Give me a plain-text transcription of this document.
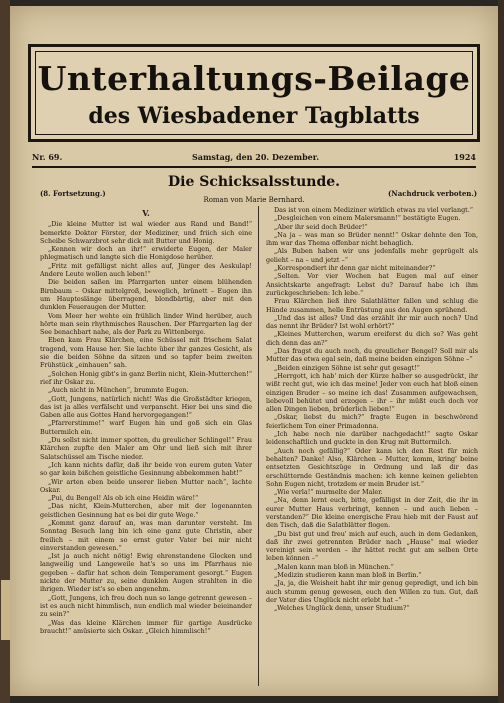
Unterhaltungs-Beilage
des Wiesbadener Tagblatts
Nr. 69.	Samstag, den 20. Dezember.	1924
Die Schicksalsstunde.
(8. Fortsetzung.)	(Nachdruck verboten.)
Roman von Marie Bernhard.
V.

„Die kleine Mutter ist wal wieder aus Rand und Band!“ bemerkte Doktor Förster, der Mediziner, und friich sich eine Scheibe Schwarzbrot sehr dick mit Butter und Honig.

„Kennen wir doch an ihr!“ erwiderte Eugen, der Maler phlegmatisch und langte sich die Honigdose herüber.

„Fritz mit gefälligst nicht alles auf, Jünger des Aeskulap! Andere Leute wollen auch leben!“

Die beiden saßen im Pfarrgarten unter einem blühenden Birnbaum – Oskar mittelgroß, beweglich, brünett – Eugen ihn um Haupteslänge überragend, blondbärtig, aber mit den dunklen Feueraugen der Mutter.

Vom Meer her wehte ein frühlich linder Wind herüber, auch hörte man sein rhythmisches Rauschen. Der Pfarrgarten lag der See benachbart nahe, als der Park zu Wittenberge.

Eben kam Frau Klärchen, eine Schüssel mit frischem Salat tragend, vom Hause her. Sie lachte über ihr ganzes Gesicht, als sie die beiden Söhne da sitzen und so tapfer beim zweiten Frühstück „einhauen“ sah.

„Solchen Honig gibt's in ganz Berlin nicht, Klein-Mutterchen!“ rief ihr Oskar zu.

„Auch nicht in München“, brummte Eugen.

„Gott, Jungens, natürlich nicht! Was die Großstädter kriegen, das ist ja alles verfälscht und verpanscht. Hier bei uns sind die Gaben alle aus Gottes Hand hervorgegangen!“

„Pfarrerstimme!“ warf Eugen hin und goß sich ein Glas Buttermilch ein.

„Du sollst nicht immer spotten, du greulicher Schlingel!“ Frau Klärchen zupfte den Maler am Ohr und ließ sich mit ihrer Salatschüssel am Tische nieder.

„Ich kann nichts dafür, daß ihr beide von eurem guten Vater so gar kein bißchen geistliche Gesinnung abbekommen habt!“

„Wir arten eben beide unserer lieben Mutter nach“, lachte Oskar.

„Pui, du Bengel! Als ob ich eine Heidin wäre!“

„Das nicht, Klein-Mutterchen, aber mit der logenannten geistlichen Gesinnung hat es bei dir gute Wege.“

„Kommt ganz darauf an, was man darunter versteht. Im Sonntag Besuch lang bin ich eine ganz gute Christin, aber freilich – mit einem so ernst guter Vater bei mir nicht einverstanden gewesen.“

„Ist ja auch nicht nötig! Ewig ehrenstandene Glocken und langweilig und Langeweile hat's so uns im Pfarrhaus nie gegeben – dafür hat schon dein Temperament gesorgt.“ Eugen nickte der Mutter zu, seine dunklen Augen strahlten in die ihrigen. Wieder ist's so eben angenehm.

„Gott, Jungens, ich freu doch nun so lange getrennt gewesen – ist es auch nicht himmlisch, nun endlich mal wieder beieinander zu sein?“

„Was das kleine Klärchen immer für gartige Ausdrücke braucht!“ amüsierte sich Oskar. „Gleich himmlisch!“

Das ist von einem Mediziner wirklich etwas zu viel verlangt.“

„Desgleichen von einem Malersmann!“ bestätigte Eugen.

„Aber ihr seid doch Brüder!“

„Na ja – was man so Brüder nennt!“ Oskar dehnte den Ton, ihm war das Thema offenbar nicht behaglich.

„Als Buben haben wir uns jedenfalls mehr geprügelt als gelieht – na – und jetzt –“

„Korrespondiert ihr denn gar nicht miteinander?“

„Selten. Vor vier Wochen hat Eugen mal auf einer Ansichtskarte angefragt: Lebst du? Darauf habe ich ihm zurückgeschrieben: Ich lebe.“

Frau Klärchen ließ ihre Salatblätter fallen und schlug die Hände zusammen, helle Entrüstung aus den Augen sprühend.

„Und das ist alles? Und das erzählt ihr mir auch noch? Und das nennt ihr Brüder? Ist wohl erhört?“

„Kleines Mutterchen, warum ereiferst du dich so? Was geht dich denn das an?“

„Das fragst du auch noch, du greulicher Bengel? Soll mir als Mutter das etwa egal sein, daß meine beiden einzigen Söhne –“

„Beiden einzigen Söhne ist sehr gut gesagt!“

„Herrgott, ich hab' mich der Kürze halber so ausgedrückt, ihr wißt recht gut, wie ich das meine! Jeder von euch hat bloß einen einzigen Bruder – so meine ich das! Zusammen aufgewachsen, liebevoll behütet und erzogen – ihr – ihr müßt euch doch vor allen Dingen lieben, brüderlich lieben!“

„Oskar, liebst du mich?“ fragte Eugen in beschwörend feierlichem Ton einer Primadonna.

„Ich habe noch nie darüber nachgedacht!“ sagte Oskar leidenschaftlich und guckte in den Krug mit Buttermilch.

„Auch noch gefällig?“ Oder kann ich den Rest für mich behalten? Danke! Also, Klärchen – Mutter, komm, kring' beine entsetzten Gesichtszüge in Ordnung und laß dir das erschütternde Geständnis machen: ich kenne keinen geliebten Sohn Eugen nicht, trotzdem er mein Bruder ist.“

„Wie verla!“ murmelte der Maler.

„Na, denn lernt euch, bitte, gefälligst in der Zeit, die ihr in eurer Mutter Haus verbringt, kennen – und auch lieben – verstanden?“ Die kleine energische Frau hieb mit der Faust auf den Tisch, daß die Salatblätter flogen.

„Du bist gut und freu' mich auf euch, auch in dem Gedanken, daß ihr zwei getrennten Brüder nach „Hause“ mal wieder vereinigt sein werden – ihr hättet recht gut am selben Orte leben können –“

„Malen kann man bloß in München.“

„Medizin studieren kann man bloß in Berlin.“

„Ja, ja, die Weisheit habt ihr mir genug gepredigt, und ich bin auch stumm genug gewesen, euch den Willen zu tun. Gut, daß der Vater dies Unglück nicht erlebt hat –“

„Welches Unglück denn, unser Studium?“
